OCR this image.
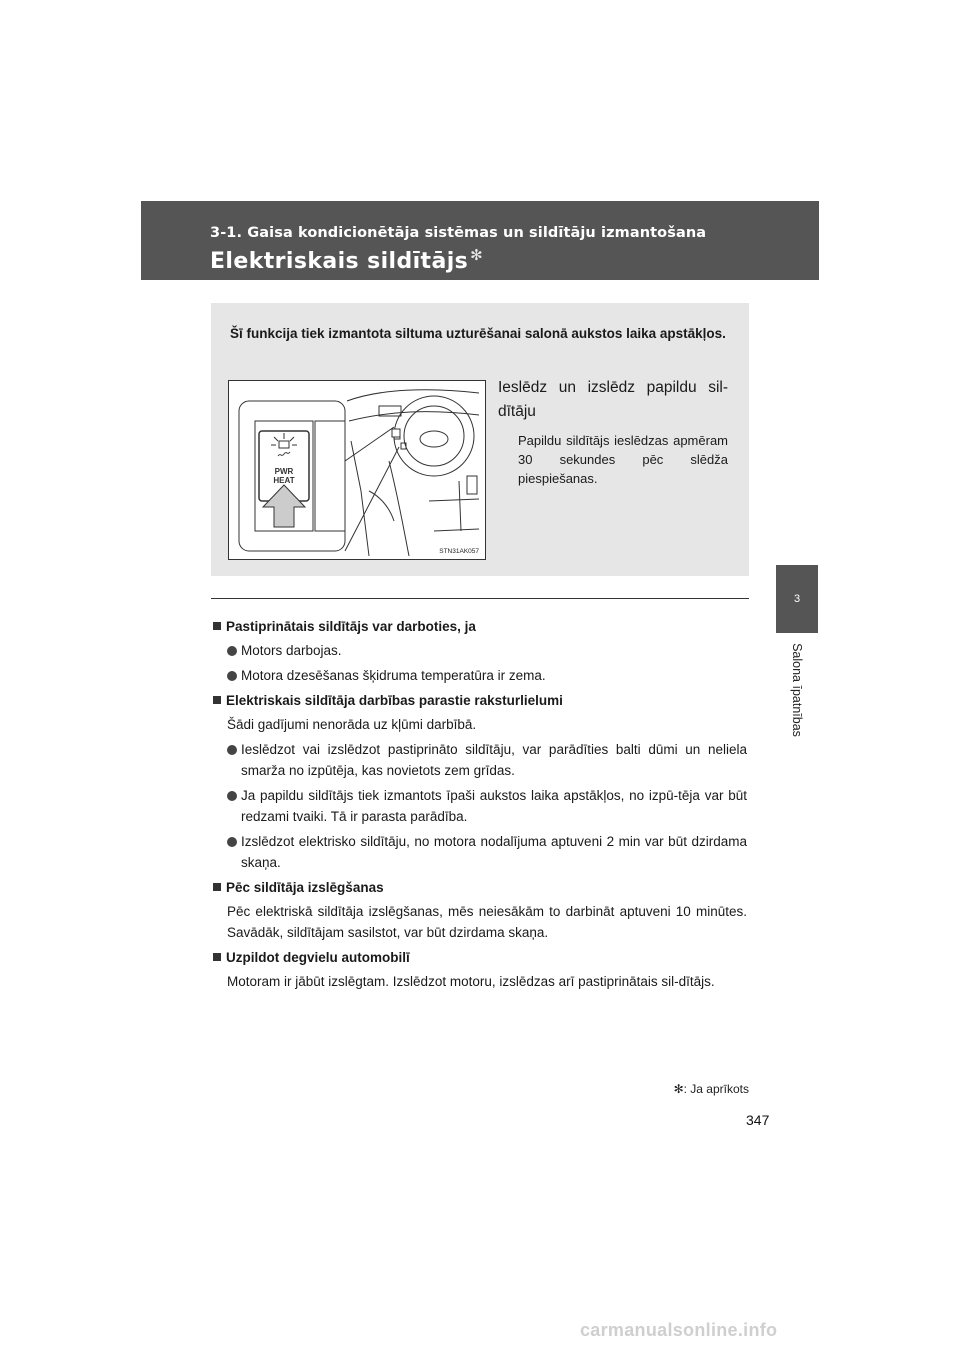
3-1. Gaisa kondicionētāja sistēmas un sildītāju izmantošana
Elektriskais sildītājs ✻
3
Salona īpatnības
Šī funkcija tiek izmantota siltuma uzturēšanai salonā aukstos laika apstākļos.
PWR
HEAT
STN31AK057
Ieslēdz un izslēdz papildu sil-dītāju
Papildu sildītājs ieslēdzas apmēram 30 sekundes pēc slēdža piespiešanas.
Pastiprinātais sildītājs var darboties, ja
Motors darbojas.
Motora dzesēšanas šķidruma temperatūra ir zema.
Elektriskais sildītāja darbības parastie raksturlielumi
Šādi gadījumi nenorāda uz kļūmi darbībā.
Ieslēdzot vai izslēdzot pastiprināto sildītāju, var parādīties balti dūmi un neliela smarža no izpūtēja, kas novietots zem grīdas.
Ja papildu sildītājs tiek izmantots īpaši aukstos laika apstākļos, no izpū-tēja var būt redzami tvaiki. Tā ir parasta parādība.
Izslēdzot elektrisko sildītāju, no motora nodalījuma aptuveni 2 min var būt dzirdama skaņa.
Pēc sildītāja izslēgšanas
Pēc elektriskā sildītāja izslēgšanas, mēs neiesākām to darbināt aptuveni 10 minūtes. Savādāk, sildītājam sasilstot, var būt dzirdama skaņa.
Uzpildot degvielu automobilī
Motoram ir jābūt izslēgtam. Izslēdzot motoru, izslēdzas arī pastiprinātais sil-dītājs.
✻: Ja aprīkots
347
carmanualsonline.info
